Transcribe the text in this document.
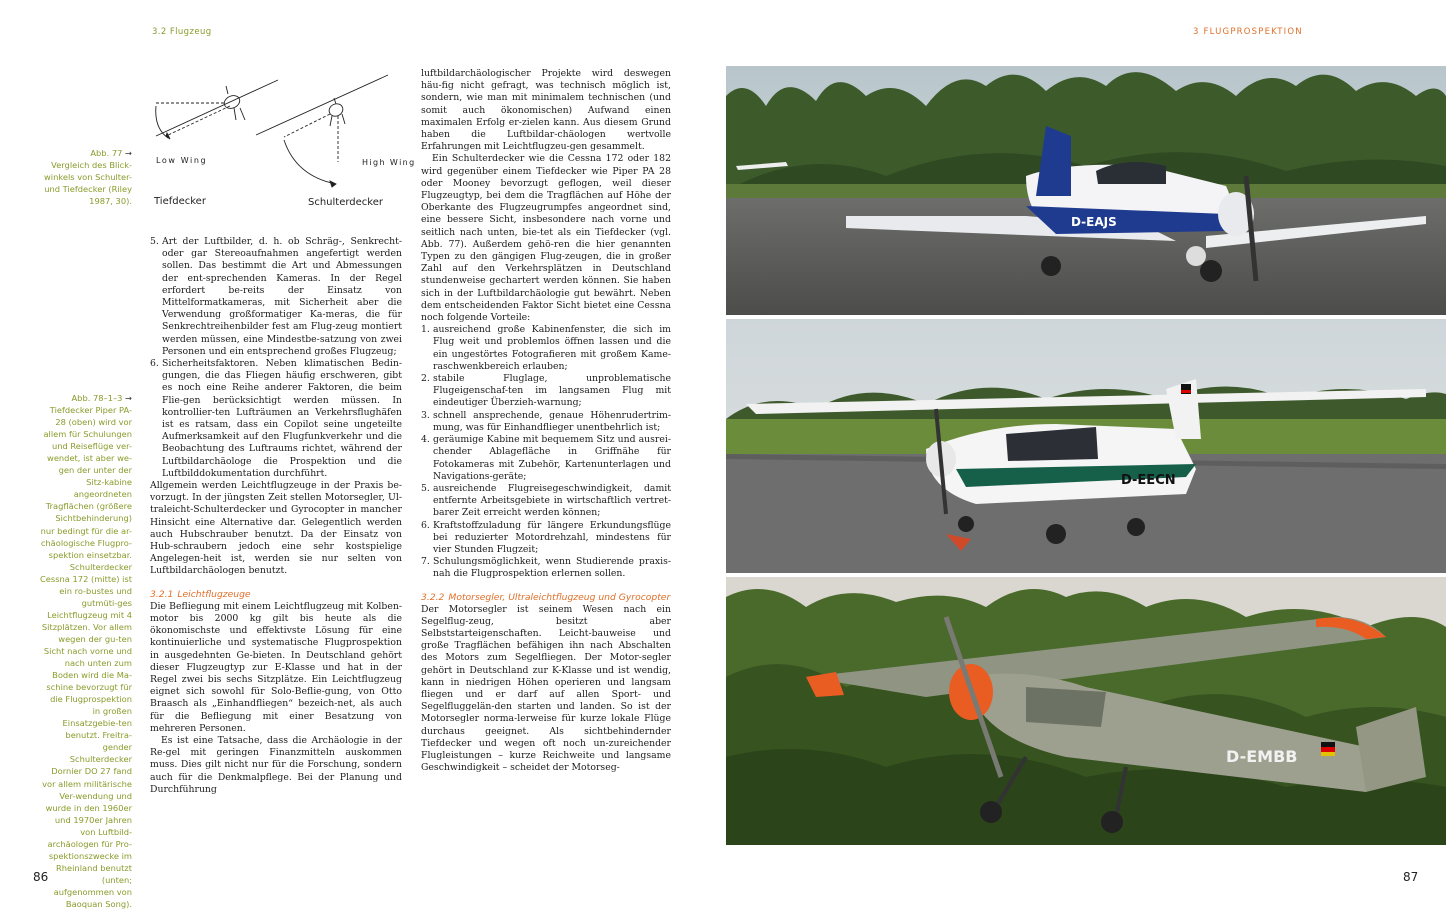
3.2 Flugzeug	3 FLUGPROSPEKTION
Abb. 77 →
Vergleich des Blick-winkels von Schulter- und Tiefdecker (Riley 1987, 30).
Abb. 78–1–3 →
Tiefdecker Piper PA-28 (oben) wird vor allem für Schulungen und Reiseflüge ver-wendet, ist aber we-gen der unter der Sitz-kabine angeordneten Tragflächen (größere Sichtbehinderung) nur bedingt für die ar-chäologische Flugpro-spektion einsetzbar. Schulterdecker Cessna 172 (mitte) ist ein ro-bustes und gutmüti-ges Leichtflugzeug mit 4 Sitzplätzen. Vor allem wegen der gu-ten Sicht nach vorne und nach unten zum Boden wird die Ma-schine bevorzugt für die Flugprospektion in großen Einsatzgebie-ten benutzt. Freitra-gender Schulterdecker Dornier DO 27 fand vor allem militärische Ver-wendung und wurde in den 1960er und 1970er Jahren von Luftbild-archäologen für Pro-spektionszwecke im Rheinland benutzt (unten; aufgenommen von Baoquan Song).
Low Wing	High Wing
Tiefdecker	Schulterdecker
5. Art der Luftbilder, d. h. ob Schräg-, Senkrecht- oder gar Stereoaufnahmen angefertigt werden sollen. Das bestimmt die Art und Abmessungen der ent-sprechenden Kameras. In der Regel erfordert be-reits der Einsatz von Mittelformatkameras, mit Sicherheit aber die Verwendung großformatiger Ka-meras, die für Senkrechtreihenbilder fest am Flug-zeug montiert werden müssen, eine Mindestbe-satzung von zwei Personen und ein entsprechend großes Flugzeug;
6. Sicherheitsfaktoren. Neben klimatischen Bedin-gungen, die das Fliegen häufig erschweren, gibt es noch eine Reihe anderer Faktoren, die beim Flie-gen berücksichtigt werden müssen. In kontrollier-ten Lufträumen an Verkehrsflughäfen ist es ratsam, dass ein Copilot seine ungeteilte Aufmerksamkeit auf den Flugfunkverkehr und die Beobachtung des Luftraums richtet, während der Luftbildarchäologe die Prospektion und die Luftbilddokumentation durchführt.

Allgemein werden Leichtflugzeuge in der Praxis be-vorzugt. In der jüngsten Zeit stellen Motorsegler, Ul-traleicht-Schulterdecker und Gyrocopter in mancher Hinsicht eine Alternative dar. Gelegentlich werden auch Hubschrauber benutzt. Da der Einsatz von Hub-schraubern jedoch eine sehr kostspielige Angelegen-heit ist, werden sie nur selten von Luftbildarchäologen benutzt.

3.2.1 Leichtflugzeuge

Die Befliegung mit einem Leichtflugzeug mit Kolben-motor bis 2000 kg gilt bis heute als die ökonomischste und effektivste Lösung für eine kontinuierliche und systematische Flugprospektion in ausgedehnten Ge-bieten. In Deutschland gehört dieser Flugzeugtyp zur E-Klasse und hat in der Regel zwei bis sechs Sitzplätze. Ein Leichtflugzeug eignet sich sowohl für Solo-Beflie-gung, von Otto Braasch als „Einhandfliegen“ bezeich-net, als auch für die Befliegung mit einer Besatzung von mehreren Personen.

Es ist eine Tatsache, dass die Archäologie in der Re-gel mit geringen Finanzmitteln auskommen muss. Dies gilt nicht nur für die Forschung, sondern auch für die Denkmalpflege. Bei der Planung und Durchführung

luftbildarchäologischer Projekte wird deswegen häu-fig nicht gefragt, was technisch möglich ist, sondern, wie man mit minimalem technischen (und somit auch ökonomischen) Aufwand einen maximalen Erfolg er-zielen kann. Aus diesem Grund haben die Luftbildar-chäologen wertvolle Erfahrungen mit Leichtflugzeu-gen gesammelt.

Ein Schulterdecker wie die Cessna 172 oder 182 wird gegenüber einem Tiefdecker wie Piper PA 28 oder Mooney bevorzugt geflogen, weil dieser Flugzeugtyp, bei dem die Tragflächen auf Höhe der Oberkante des Flugzeugrumpfes angeordnet sind, eine bessere Sicht, insbesondere nach vorne und seitlich nach unten, bie-tet als ein Tiefdecker (vgl. Abb. 77). Außerdem gehö-ren die hier genannten Typen zu den gängigen Flug-zeugen, die in großer Zahl auf den Verkehrsplätzen in Deutschland stundenweise gechartert werden können. Sie haben sich in der Luftbildarchäologie gut bewährt. Neben dem entscheidenden Faktor Sicht bietet eine Cessna noch folgende Vorteile:

1. ausreichend große Kabinenfenster, die sich im Flug weit und problemlos öffnen lassen und die ein ungestörtes Fotografieren mit großem Kame-raschwenkbereich erlauben;
2. stabile Fluglage, unproblematische Flugeigenschaf-ten im langsamen Flug mit eindeutiger Überzieh-warnung;
3. schnell ansprechende, genaue Höhenrudertrim-mung, was für Einhandflieger unentbehrlich ist;
4. geräumige Kabine mit bequemem Sitz und ausrei-chender Ablagefläche in Griffnähe für Fotokameras mit Zubehör, Kartenunterlagen und Navigations-geräte;
5. ausreichende Flugreisegeschwindigkeit, damit entfernte Arbeitsgebiete in wirtschaftlich vertret-barer Zeit erreicht werden können;
6. Kraftstoffzuladung für längere Erkundungsflüge bei reduzierter Motordrehzahl, mindestens für vier Stunden Flugzeit;
7. Schulungsmöglichkeit, wenn Studierende praxis-nah die Flugprospektion erlernen sollen.
3.2.2 Motorsegler, Ultraleichtflugzeug und Gyrocopter

Der Motorsegler ist seinem Wesen nach ein Segelflug-zeug, besitzt aber Selbststarteigenschaften. Leicht-bauweise und große Tragflächen befähigen ihn nach Abschalten des Motors zum Segelfliegen. Der Motor-segler gehört in Deutschland zur K-Klasse und ist wendig, kann in niedrigen Höhen operieren und langsam fliegen und er darf auf allen Sport- und Segelfluggelän-den starten und landen. So ist der Motorsegler norma-lerweise für kurze lokale Flüge durchaus geeignet. Als sichtbehindernder Tiefdecker und wegen oft noch un-zureichender Flugleistungen – kurze Reichweite und langsame Geschwindigkeit – scheidet der Motorseg-

D-EAJS
D-EECN
D-EMBB
86	87
